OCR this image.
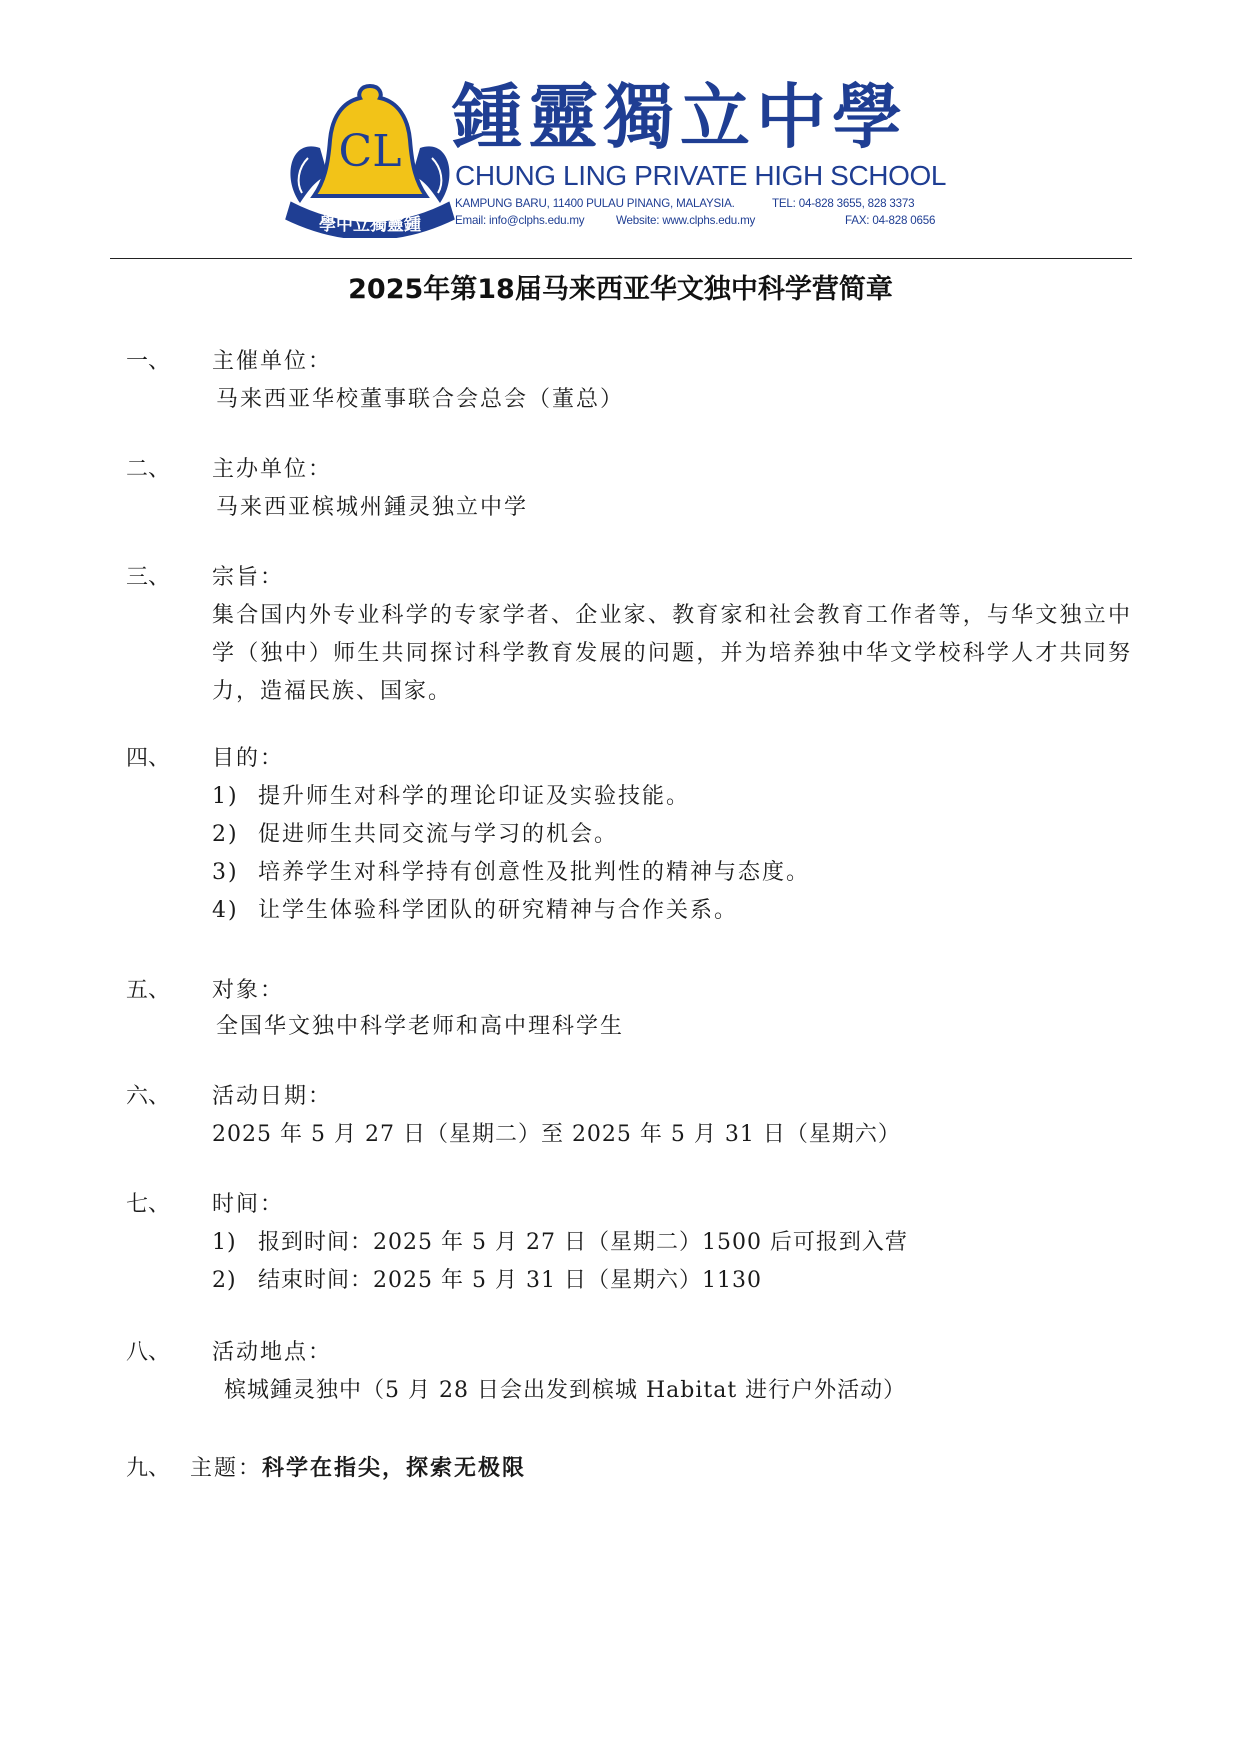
CL
學中立獨靈鍾
鍾靈獨立中學
CHUNG LING PRIVATE HIGH SCHOOL
KAMPUNG BARU, 11400 PULAU PINANG, MALAYSIA.	TEL: 04-828 3655, 828 3373
Email: info@clphs.edu.my	Website: www.clphs.edu.my	FAX: 04-828 0656
2025年第18届马来西亚华文独中科学营简章
一、 主催单位：
马来西亚华校董事联合会总会（董总）
二、 主办单位：
马来西亚槟城州鍾灵独立中学
三、 宗旨：
集合国内外专业科学的专家学者、企业家、教育家和社会教育工作者等，与华文独立中学（独中）师生共同探讨科学教育发展的问题，并为培养独中华文学校科学人才共同努力，造福民族、国家。
四、 目的：
1) 提升师生对科学的理论印证及实验技能。
2) 促进师生共同交流与学习的机会。
3) 培养学生对科学持有创意性及批判性的精神与态度。
4) 让学生体验科学团队的研究精神与合作关系。
五、 对象：
全国华文独中科学老师和高中理科学生
六、 活动日期：
2025 年 5 月 27 日（星期二）至 2025 年 5 月 31 日（星期六）
七、 时间：
1) 报到时间：2025 年 5 月 27 日（星期二）1500 后可报到入营
2) 结束时间：2025 年 5 月 31 日（星期六）1130
八、 活动地点：
槟城鍾灵独中（5 月 28 日会出发到槟城 Habitat 进行户外活动）
九、 主题：科学在指尖，探索无极限
